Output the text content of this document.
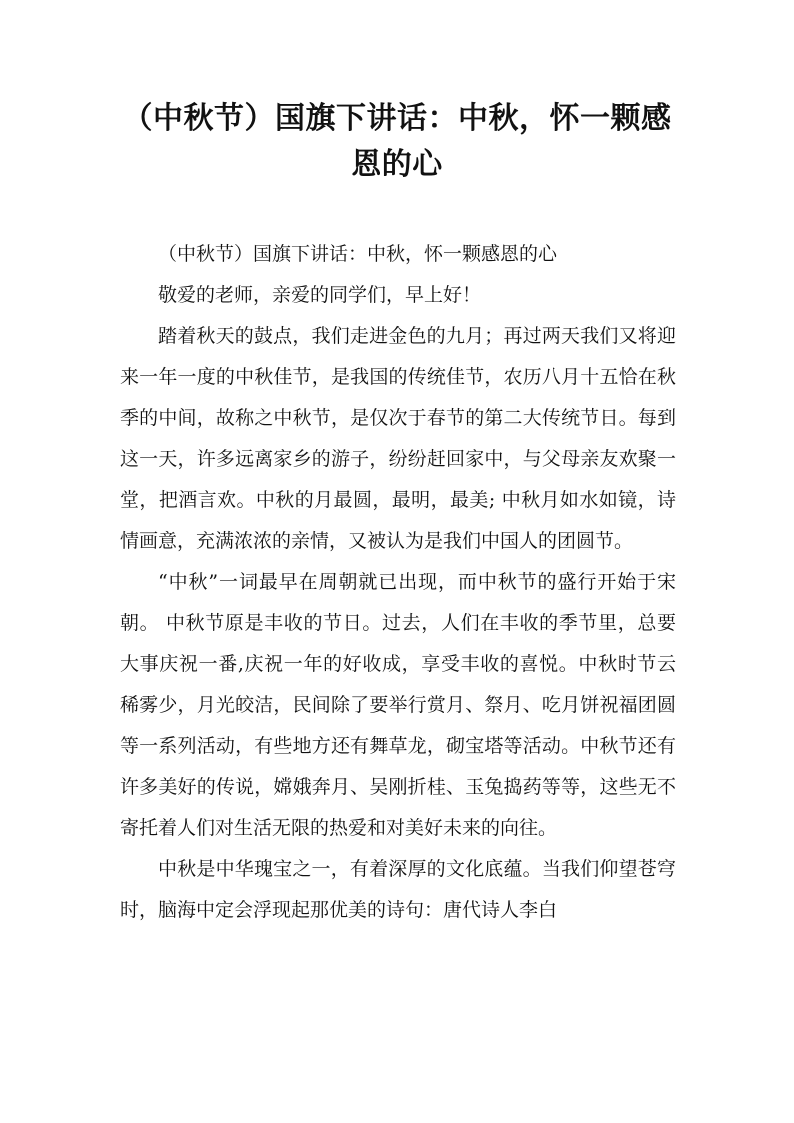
（中秋节）国旗下讲话：中秋，怀一颗感恩的心

（中秋节）国旗下讲话：中秋，怀一颗感恩的心

敬爱的老师，亲爱的同学们，早上好！

踏着秋天的鼓点，我们走进金色的九月；再过两天我们又将迎来一年一度的中秋佳节，是我国的传统佳节，农历八月十五恰在秋季的中间，故称之中秋节，是仅次于春节的第二大传统节日。每到这一天，许多远离家乡的游子，纷纷赶回家中，与父母亲友欢聚一堂，把酒言欢。中秋的月最圆，最明，最美; 中秋月如水如镜，诗情画意，充满浓浓的亲情，又被认为是我们中国人的团圆节。

“中秋”一词最早在周朝就已出现，而中秋节的盛行开始于宋朝。 中秋节原是丰收的节日。过去，人们在丰收的季节里，总要大事庆祝一番,庆祝一年的好收成，享受丰收的喜悦。中秋时节云稀雾少，月光皎洁，民间除了要举行赏月、祭月、吃月饼祝福团圆等一系列活动，有些地方还有舞草龙，砌宝塔等活动。中秋节还有许多美好的传说，嫦娥奔月、吴刚折桂、玉兔捣药等等，这些无不寄托着人们对生活无限的热爱和对美好未来的向往。

中秋是中华瑰宝之一，有着深厚的文化底蕴。当我们仰望苍穹时，脑海中定会浮现起那优美的诗句：唐代诗人李白
